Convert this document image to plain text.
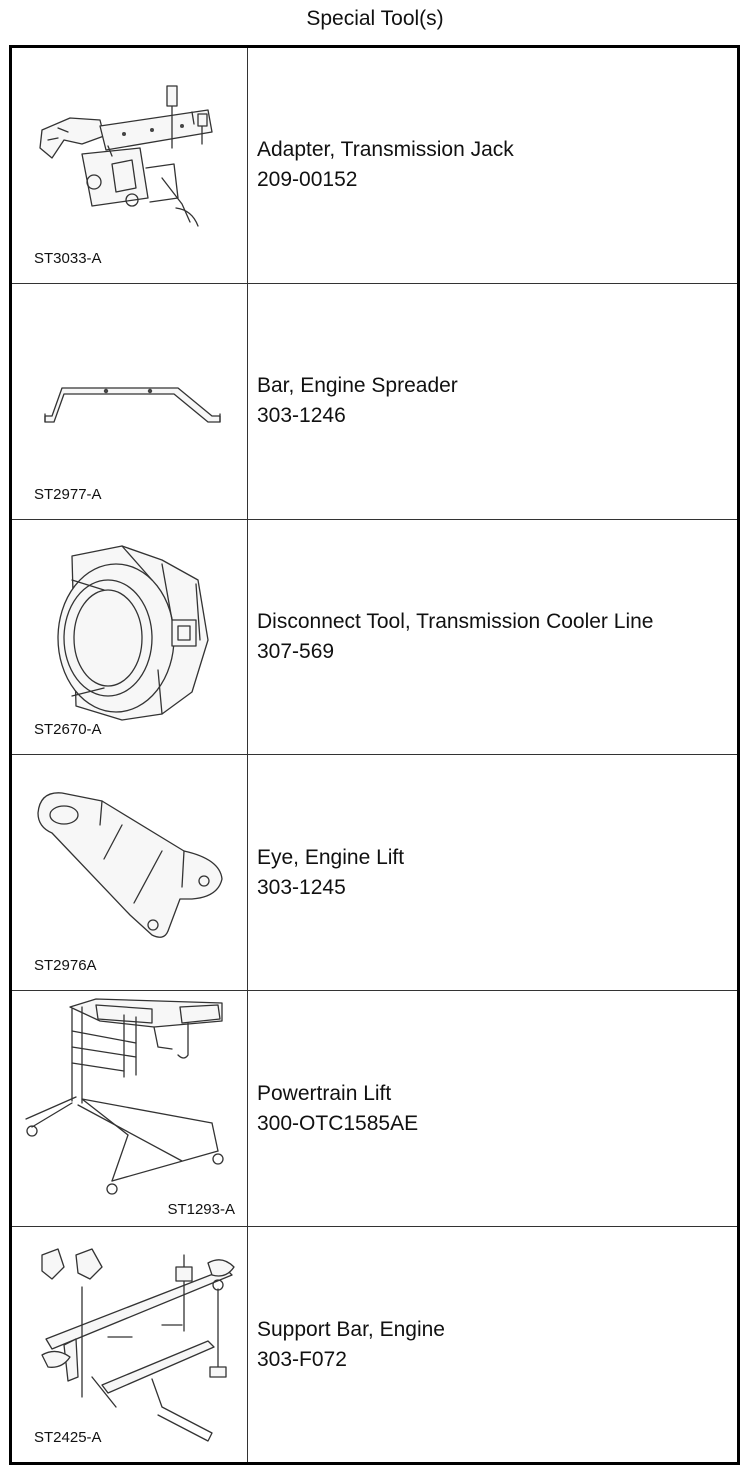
Special Tool(s)
ST3033-A
Adapter, Transmission Jack
209-00152
ST2977-A
Bar, Engine Spreader
303-1246
ST2670-A
Disconnect Tool, Transmission Cooler Line
307-569
ST2976A
Eye, Engine Lift
303-1245
ST1293-A
Powertrain Lift
300-OTC1585AE
ST2425-A
Support Bar, Engine
303-F072
